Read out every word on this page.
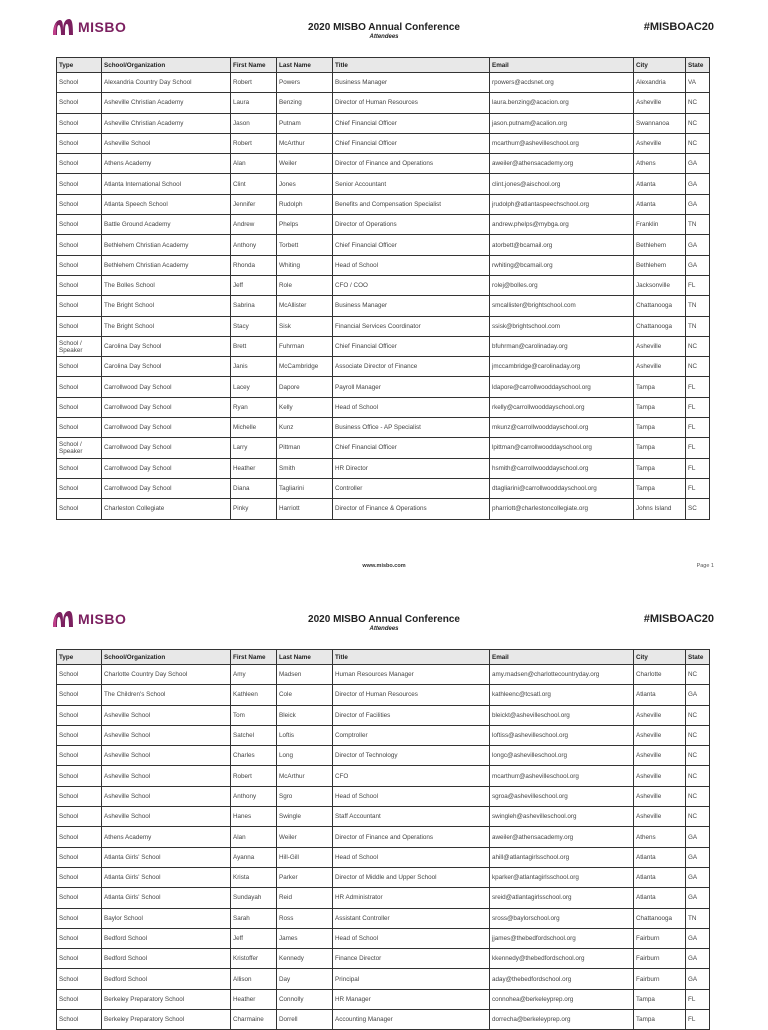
MISBO	2020 MISBO Annual Conference
Attendees
#MISBOAC20
Type	School/Organization	First Name	Last Name	Title	Email	City	State
School	Alexandria Country Day School	Robert	Powers	Business Manager	rpowers@acdsnet.org	Alexandria	VA
School	Asheville Christian Academy	Laura	Benzing	Director of Human Resources	laura.benzing@acacion.org	Asheville	NC
School	Asheville Christian Academy	Jason	Putnam	Chief Financial Officer	jason.putnam@acalion.org	Swannanoa	NC
School	Asheville School	Robert	McArthur	Chief Financial Officer	mcarthurr@ashevilleschool.org	Asheville	NC
School	Athens Academy	Alan	Weiler	Director of Finance and Operations	aweiler@athensacademy.org	Athens	GA
School	Atlanta International School	Clint	Jones	Senior Accountant	clint.jones@aischool.org	Atlanta	GA
School	Atlanta Speech School	Jennifer	Rudolph	Benefits and Compensation Specialist	jrudolph@atlantaspeechschool.org	Atlanta	GA
School	Battle Ground Academy	Andrew	Phelps	Director of Operations	andrew.phelps@mybga.org	Franklin	TN
School	Bethlehem Christian Academy	Anthony	Torbett	Chief Financial Officer	atorbett@bcamail.org	Bethlehem	GA
School	Bethlehem Christian Academy	Rhonda	Whiting	Head of School	rwhiting@bcamail.org	Bethlehem	GA
School	The Bolles School	Jeff	Role	CFO / COO	rolej@bolles.org	Jacksonville	FL
School	The Bright School	Sabrina	McAllister	Business Manager	smcallister@brightschool.com	Chattanooga	TN
School	The Bright School	Stacy	Sisk	Financial Services Coordinator	ssisk@brightschool.com	Chattanooga	TN
School / Speaker	Carolina Day School	Brett	Fuhrman	Chief Financial Officer	bfuhrman@carolinaday.org	Asheville	NC
School	Carolina Day School	Janis	McCambridge	Associate Director of Finance	jmccambridge@carolinaday.org	Asheville	NC
School	Carrollwood Day School	Lacey	Dapore	Payroll Manager	ldapore@carrollwooddayschool.org	Tampa	FL
School	Carrollwood Day School	Ryan	Kelly	Head of School	rkelly@carrollwooddayschool.org	Tampa	FL
School	Carrollwood Day School	Michelle	Kunz	Business Office - AP Specialist	mkunz@carrollwooddayschool.org	Tampa	FL
School / Speaker	Carrollwood Day School	Larry	Pittman	Chief Financial Officer	lpittman@carrollwooddayschool.org	Tampa	FL
School	Carrollwood Day School	Heather	Smith	HR Director	hsmith@carrollwooddayschool.org	Tampa	FL
School	Carrollwood Day School	Diana	Tagliarini	Controller	dtagliarini@carrollwooddayschool.org	Tampa	FL
School	Charleston Collegiate	Pinky	Harriott	Director of Finance & Operations	pharriott@charlestoncollegiate.org	Johns Island	SC
www.misbo.com	Page 1
MISBO	2020 MISBO Annual Conference
Attendees
#MISBOAC20
Type	School/Organization	First Name	Last Name	Title	Email	City	State
School	Charlotte Country Day School	Amy	Madsen	Human Resources Manager	amy.madsen@charlottecountryday.org	Charlotte	NC
School	The Children's School	Kathleen	Cole	Director of Human Resources	kathleenc@tcsatl.org	Atlanta	GA
School	Asheville School	Tom	Bleick	Director of Facilities	bleickt@ashevilleschool.org	Asheville	NC
School	Asheville School	Satchel	Loftis	Comptroller	loftiss@ashevilleschool.org	Asheville	NC
School	Asheville School	Charles	Long	Director of Technology	longc@ashevilleschool.org	Asheville	NC
School	Asheville School	Robert	McArthur	CFO	mcarthurr@ashevilleschool.org	Asheville	NC
School	Asheville School	Anthony	Sgro	Head of School	sgroa@ashevilleschool.org	Asheville	NC
School	Asheville School	Hanes	Swingle	Staff Accountant	swingleh@ashevilleschool.org	Asheville	NC
School	Athens Academy	Alan	Weiler	Director of Finance and Operations	aweiler@athensacademy.org	Athens	GA
School	Atlanta Girls' School	Ayanna	Hill-Gill	Head of School	ahill@atlantagirlsschool.org	Atlanta	GA
School	Atlanta Girls' School	Krista	Parker	Director of Middle and Upper School	kparker@atlantagirlsschool.org	Atlanta	GA
School	Atlanta Girls' School	Sundayah	Reid	HR Administrator	sreid@atlantagirlsschool.org	Atlanta	GA
School	Baylor School	Sarah	Ross	Assistant Controller	sross@baylorschool.org	Chattanooga	TN
School	Bedford School	Jeff	James	Head of School	jjames@thebedfordschool.org	Fairburn	GA
School	Bedford School	Kristoffer	Kennedy	Finance Director	kkennedy@thebedfordschool.org	Fairburn	GA
School	Bedford School	Allison	Day	Principal	aday@thebedfordschool.org	Fairburn	GA
School	Berkeley Preparatory School	Heather	Connolly	HR Manager	connohea@berkeleyprep.org	Tampa	FL
School	Berkeley Preparatory School	Charmaine	Dorrell	Accounting Manager	dorrecha@berkeleyprep.org	Tampa	FL
